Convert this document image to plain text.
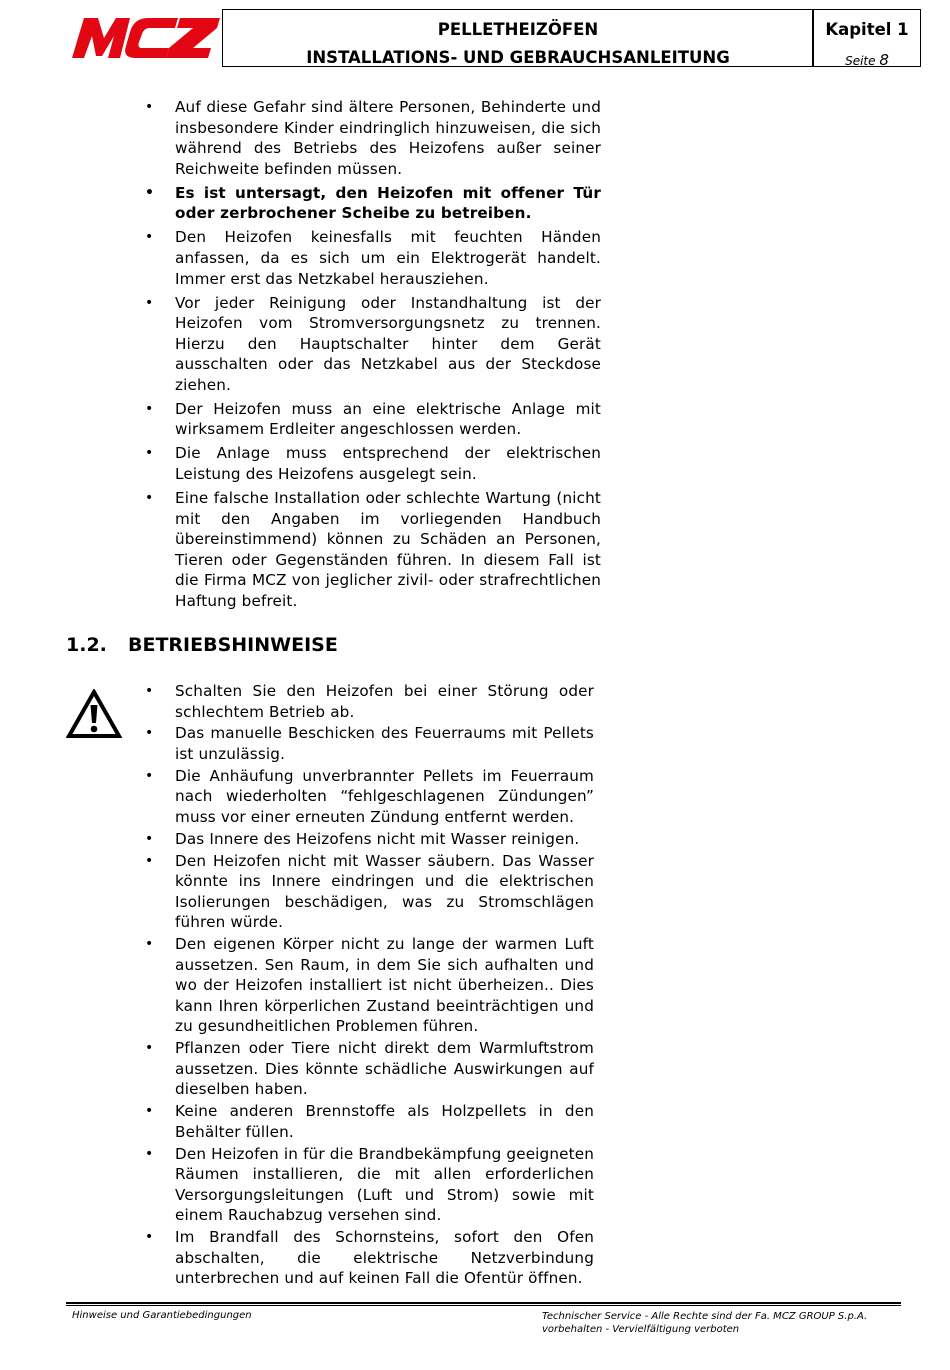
PELLETHEIZÖFEN
INSTALLATIONS- UND GEBRAUCHSANLEITUNG
Kapitel 1
Seite 8
• Auf diese Gefahr sind ältere Personen, Behinderte und insbesondere Kinder eindringlich hinzuweisen, die sich während des Betriebs des Heizofens außer seiner Reichweite befinden müssen.
• Es ist untersagt, den Heizofen mit offener Tür oder zerbrochener Scheibe zu betreiben.
• Den Heizofen keinesfalls mit feuchten Händen anfassen, da es sich um ein Elektrogerät handelt. Immer erst das Netzkabel herausziehen.
• Vor jeder Reinigung oder Instandhaltung ist der Heizofen vom Stromversorgungsnetz zu trennen. Hierzu den Hauptschalter hinter dem Gerät ausschalten oder das Netzkabel aus der Steckdose ziehen.
• Der Heizofen muss an eine elektrische Anlage mit wirksamem Erdleiter angeschlossen werden.
• Die Anlage muss entsprechend der elektrischen Leistung des Heizofens ausgelegt sein.
• Eine falsche Installation oder schlechte Wartung (nicht mit den Angaben im vorliegenden Handbuch übereinstimmend) können zu Schäden an Personen, Tieren oder Gegenständen führen. In diesem Fall ist die Firma MCZ von jeglicher zivil- oder strafrechtlichen Haftung befreit.
1.2. BETRIEBSHINWEISE
• Schalten Sie den Heizofen bei einer Störung oder schlechtem Betrieb ab.
• Das manuelle Beschicken des Feuerraums mit Pellets ist unzulässig.
• Die Anhäufung unverbrannter Pellets im Feuerraum nach wiederholten “fehlgeschlagenen Zündungen” muss vor einer erneuten Zündung entfernt werden.
• Das Innere des Heizofens nicht mit Wasser reinigen.
• Den Heizofen nicht mit Wasser säubern. Das Wasser könnte ins Innere eindringen und die elektrischen Isolierungen beschädigen, was zu Stromschlägen führen würde.
• Den eigenen Körper nicht zu lange der warmen Luft aussetzen. Sen Raum, in dem Sie sich aufhalten und wo der Heizofen installiert ist nicht überheizen.. Dies kann Ihren körperlichen Zustand beeinträchtigen und zu gesundheitlichen Problemen führen.
• Pflanzen oder Tiere nicht direkt dem Warmluftstrom aussetzen. Dies könnte schädliche Auswirkungen auf dieselben haben.
• Keine anderen Brennstoffe als Holzpellets in den Behälter füllen.
• Den Heizofen in für die Brandbekämpfung geeigneten Räumen installieren, die mit allen erforderlichen Versorgungsleitungen (Luft und Strom) sowie mit einem Rauchabzug versehen sind.
• Im Brandfall des Schornsteins, sofort den Ofen abschalten, die elektrische Netzverbindung unterbrechen und auf keinen Fall die Ofentür öffnen.
Hinweise und Garantiebedingungen	Technischer Service - Alle Rechte sind der Fa. MCZ GROUP S.p.A. vorbehalten - Vervielfältigung verboten
